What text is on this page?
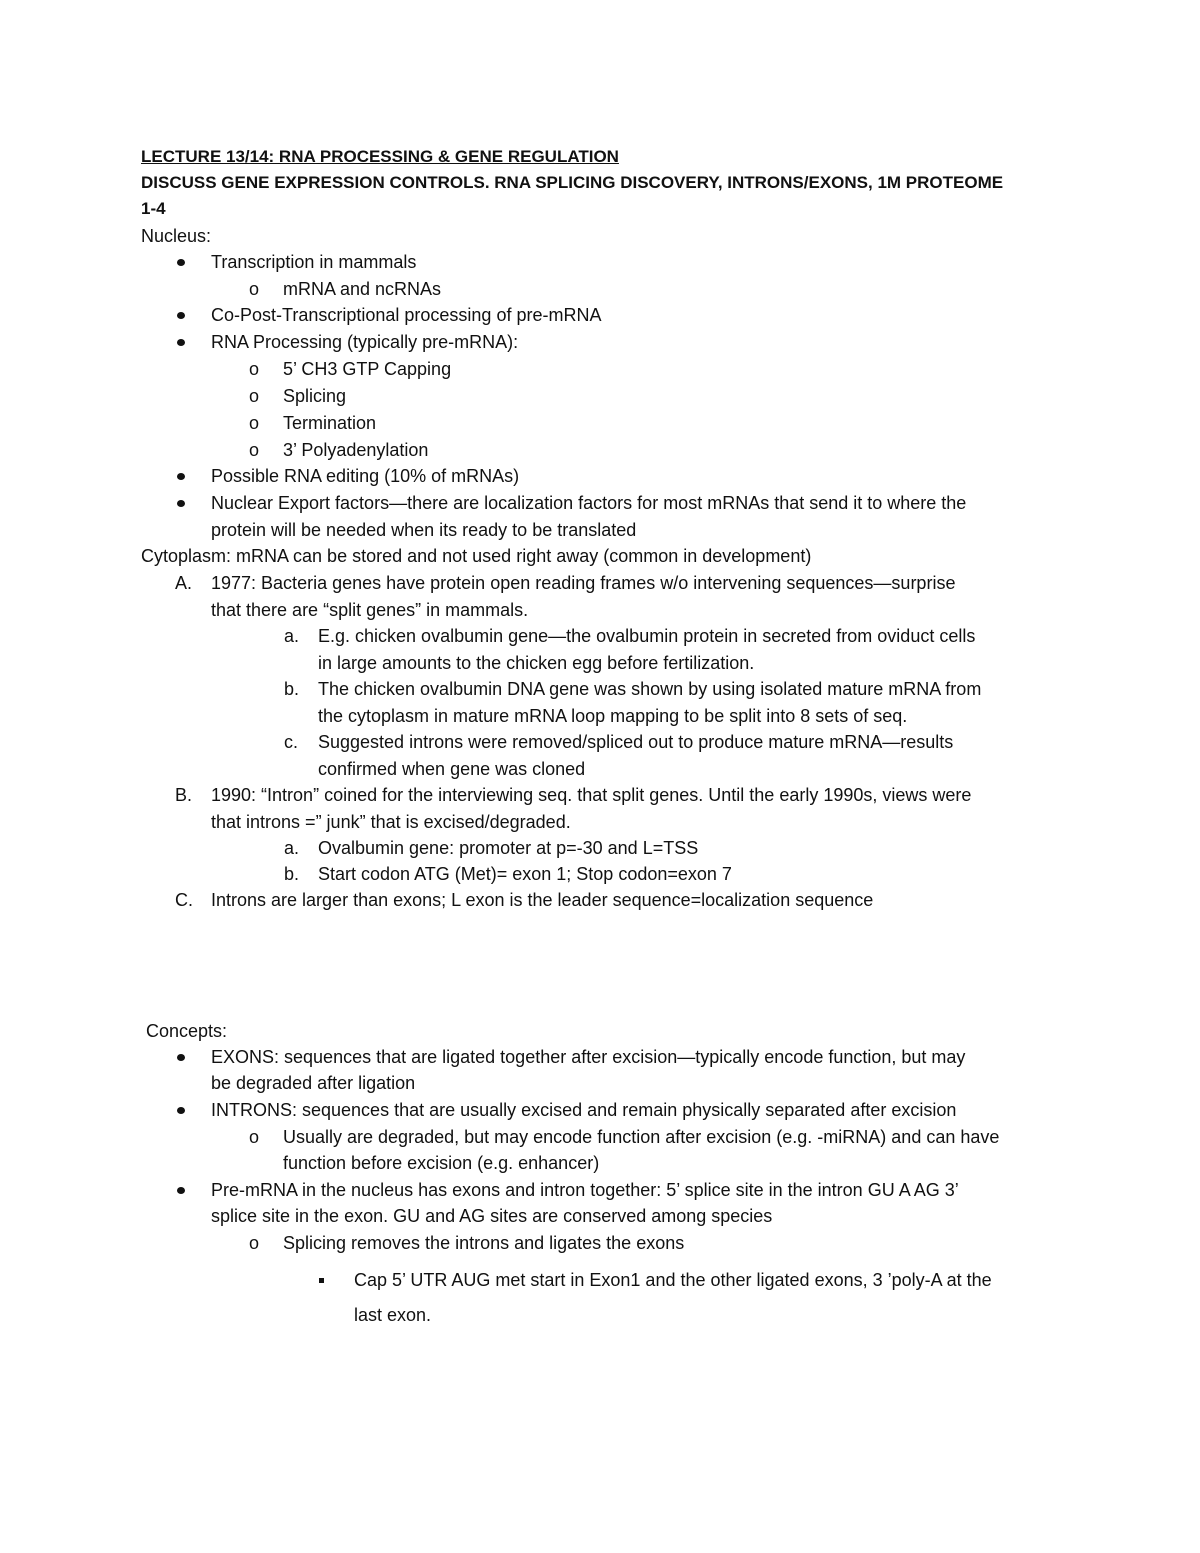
LECTURE 13/14: RNA PROCESSING & GENE REGULATION
DISCUSS GENE EXPRESSION CONTROLS. RNA SPLICING DISCOVERY, INTRONS/EXONS, 1M PROTEOME
1-4
Nucleus:
Transcription in mammals
o mRNA and ncRNAs
Co-Post-Transcriptional processing of pre-mRNA
RNA Processing (typically pre-mRNA):
o 5’ CH3 GTP Capping
o Splicing
o Termination
o 3’ Polyadenylation
Possible RNA editing (10% of mRNAs)
Nuclear Export factors—there are localization factors for most mRNAs that send it to where the
protein will be needed when its ready to be translated
Cytoplasm: mRNA can be stored and not used right away (common in development)
A. 1977: Bacteria genes have protein open reading frames w/o intervening sequences—surprise
that there are “split genes” in mammals.
a. E.g. chicken ovalbumin gene—the ovalbumin protein in secreted from oviduct cells
in large amounts to the chicken egg before fertilization.
b. The chicken ovalbumin DNA gene was shown by using isolated mature mRNA from
the cytoplasm in mature mRNA loop mapping to be split into 8 sets of seq.
c. Suggested introns were removed/spliced out to produce mature mRNA—results
confirmed when gene was cloned
B. 1990: “Intron” coined for the interviewing seq. that split genes. Until the early 1990s, views were
that introns =” junk” that is excised/degraded.
a. Ovalbumin gene: promoter at p=-30 and L=TSS
b. Start codon ATG (Met)= exon 1; Stop codon=exon 7
C. Introns are larger than exons; L exon is the leader sequence=localization sequence
Concepts:
EXONS: sequences that are ligated together after excision—typically encode function, but may
be degraded after ligation
INTRONS: sequences that are usually excised and remain physically separated after excision
o Usually are degraded, but may encode function after excision (e.g. -miRNA) and can have
function before excision (e.g. enhancer)
Pre-mRNA in the nucleus has exons and intron together: 5’ splice site in the intron GU A AG 3’
splice site in the exon. GU and AG sites are conserved among species
o Splicing removes the introns and ligates the exons
Cap 5’ UTR AUG met start in Exon1 and the other ligated exons, 3 ’poly-A at the
last exon.
